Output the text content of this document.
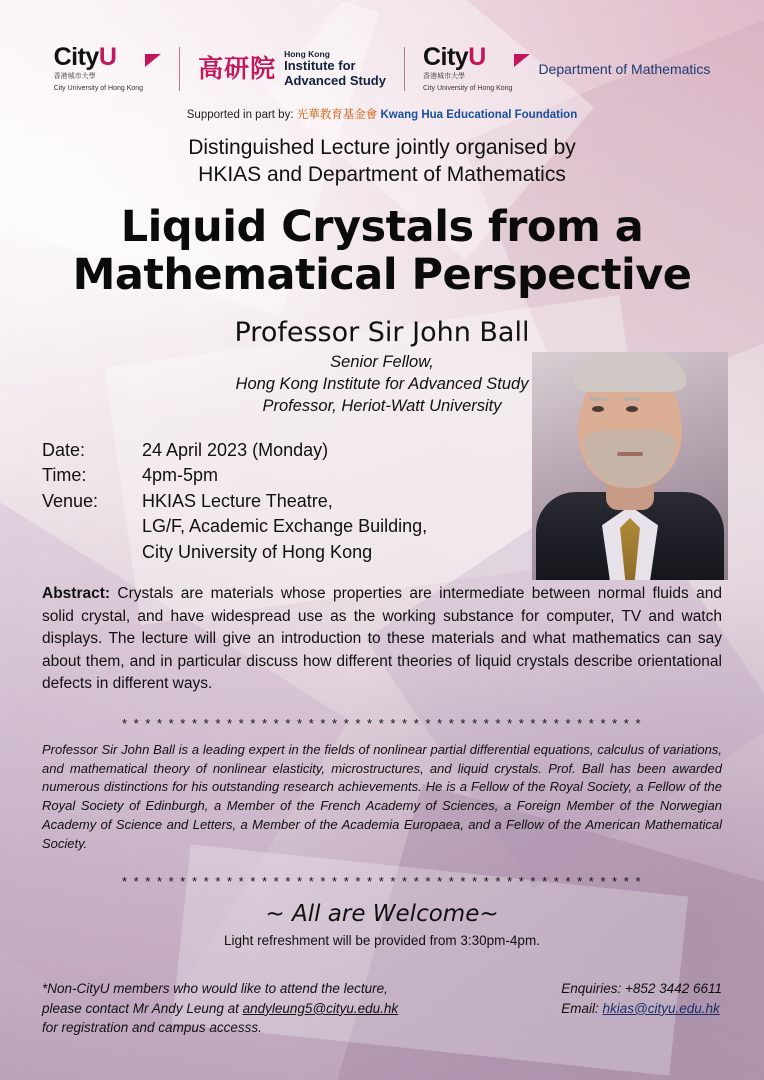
CityU
香港城市大學
City University of Hong Kong
高研院
Hong Kong
Institute for
Advanced Study
CityU
香港城市大學
City University of Hong Kong
Department of Mathematics
Supported in part by: 光華教育基金會 Kwang Hua Educational Foundation
Distinguished Lecture jointly organised by
HKIAS and Department of Mathematics
Liquid Crystals from a
Mathematical Perspective
Professor Sir John Ball
Senior Fellow,
Hong Kong Institute for Advanced Study
Professor, Heriot-Watt University
Date:	24 April 2023 (Monday)
Time:	4pm-5pm
Venue:	HKIAS Lecture Theatre,
LG/F, Academic Exchange Building,
City University of Hong Kong
Abstract: Crystals are materials whose properties are intermediate between normal fluids and solid crystal, and have widespread use as the working substance for computer, TV and watch displays. The lecture will give an introduction to these materials and what mathematics can say about them, and in particular discuss how different theories of liquid crystals describe orientational defects in different ways.
* * * * * * * * * * * * * * * * * * * * * * * * * * * * * * * * * * * * * * * * * * * * *
Professor Sir John Ball is a leading expert in the fields of nonlinear partial differential equations, calculus of variations, and mathematical theory of nonlinear elasticity, microstructures, and liquid crystals. Prof. Ball has been awarded numerous distinctions for his outstanding research achievements. He is a Fellow of the Royal Society, a Fellow of the Royal Society of Edinburgh, a Member of the French Academy of Sciences, a Foreign Member of the Norwegian Academy of Science and Letters, a Member of the Academia Europaea, and a Fellow of the American Mathematical Society.
* * * * * * * * * * * * * * * * * * * * * * * * * * * * * * * * * * * * * * * * * * * * *
~ All are Welcome~
Light refreshment will be provided from 3:30pm-4pm.
*Non-CityU members who would like to attend the lecture,
please contact Mr Andy Leung at andyleung5@cityu.edu.hk
for registration and campus accesss.
Enquiries: +852 3442 6611
Email: hkias@cityu.edu.hk
